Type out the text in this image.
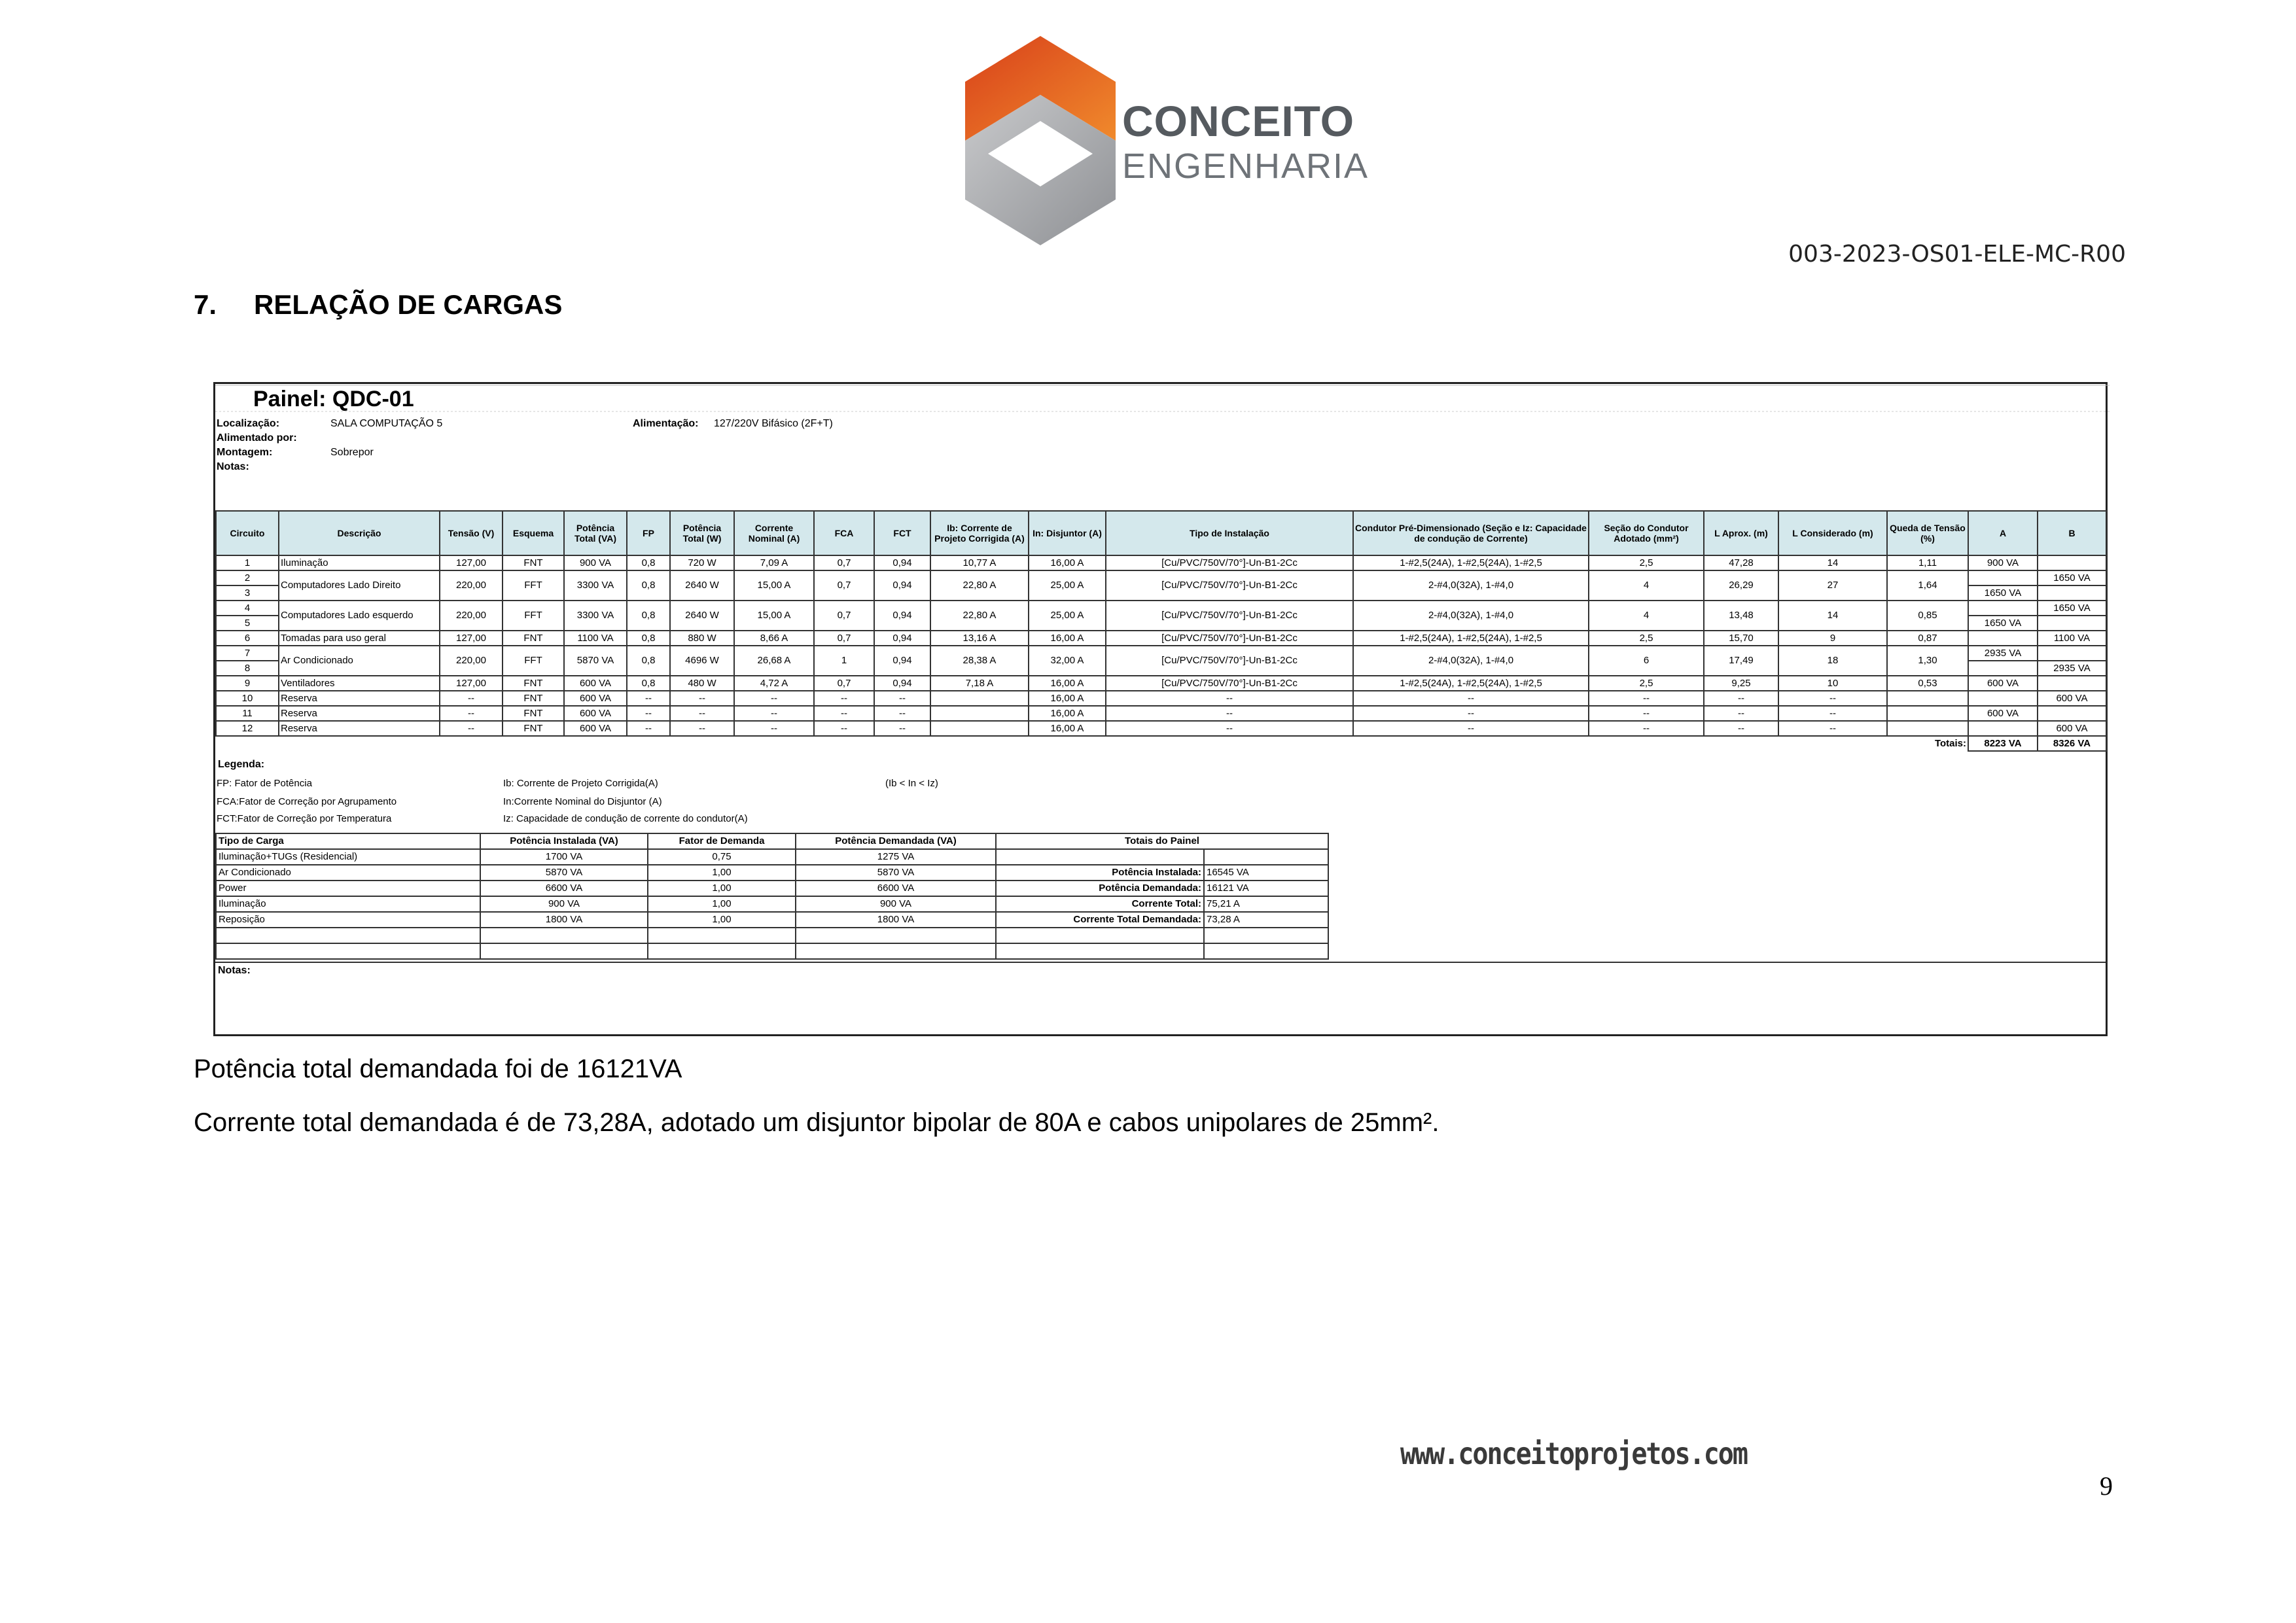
CONCEITO
ENGENHARIA
003-2023-OS01-ELE-MC-R00
7. RELAÇÃO DE CARGAS
Painel: QDC-01
Localização:	SALA COMPUTAÇÃO 5	Alimentação: 127/220V Bifásico (2F+T)
Alimentado por:
Montagem:	Sobrepor
Notas:
Circuito	Descrição	Tensão (V)	Esquema	Potência Total (VA)	FP	Potência Total (W)	Corrente Nominal (A)	FCA	FCT	Ib: Corrente de Projeto Corrigida (A)	In: Disjuntor (A)	Tipo de Instalação	Condutor Pré-Dimensionado (Seção e Iz: Capacidade de condução de Corrente)	Seção do Condutor Adotado (mm²)	L Aprox. (m)	L Considerado (m)	Queda de Tensão (%)	A	B
1	Iluminação	127,00	FNT	900 VA	0,8	720 W	7,09 A	0,7	0,94	10,77 A	16,00 A	[Cu/PVC/750V/70°]-Un-B1-2Cc	1-#2,5(24A), 1-#2,5(24A), 1-#2,5	2,5	47,28	14	1,11	900 VA	
2	Computadores Lado Direito	220,00	FFT	3300 VA	0,8	2640 W	15,00 A	0,7	0,94	22,80 A	25,00 A	[Cu/PVC/750V/70°]-Un-B1-2Cc	2-#4,0(32A), 1-#4,0	4	26,29	27	1,64		1650 VA
3																		1650 VA	
4	Computadores Lado esquerdo	220,00	FFT	3300 VA	0,8	2640 W	15,00 A	0,7	0,94	22,80 A	25,00 A	[Cu/PVC/750V/70°]-Un-B1-2Cc	2-#4,0(32A), 1-#4,0	4	13,48	14	0,85		1650 VA
5																		1650 VA	
6	Tomadas para uso geral	127,00	FNT	1100 VA	0,8	880 W	8,66 A	0,7	0,94	13,16 A	16,00 A	[Cu/PVC/750V/70°]-Un-B1-2Cc	1-#2,5(24A), 1-#2,5(24A), 1-#2,5	2,5	15,70	9	0,87		1100 VA
7	Ar Condicionado	220,00	FFT	5870 VA	0,8	4696 W	26,68 A	1	0,94	28,38 A	32,00 A	[Cu/PVC/750V/70°]-Un-B1-2Cc	2-#4,0(32A), 1-#4,0	6	17,49	18	1,30	2935 VA	
8																			2935 VA
9	Ventiladores	127,00	FNT	600 VA	0,8	480 W	4,72 A	0,7	0,94	7,18 A	16,00 A	[Cu/PVC/750V/70°]-Un-B1-2Cc	1-#2,5(24A), 1-#2,5(24A), 1-#2,5	2,5	9,25	10	0,53	600 VA	
10	Reserva	--	FNT	600 VA	--	--	--	--	--		16,00 A	--	--	--	--	--			600 VA
11	Reserva	--	FNT	600 VA	--	--	--	--	--		16,00 A	--	--	--	--	--		600 VA	
12	Reserva	--	FNT	600 VA	--	--	--	--	--		16,00 A	--	--	--	--	--			600 VA
Totais:																		8223 VA	8326 VA
Legenda:
FP: Fator de Potência
FCA:Fator de Correção por Agrupamento
FCT:Fator de Correção por Temperatura
Ib: Corrente de Projeto Corrigida(A)
In:Corrente Nominal do Disjuntor (A)
Iz: Capacidade de condução de corrente do condutor(A)
(Ib < In < Iz)
Tipo de Carga	Potência Instalada (VA)	Fator de Demanda	Potência Demandada (VA)	Totais do Painel	
Iluminação+TUGs (Residencial)	1700 VA	0,75	1275 VA		
Ar Condicionado	5870 VA	1,00	5870 VA	Potência Instalada:	16545 VA
Power	6600 VA	1,00	6600 VA	Potência Demandada:	16121 VA
Iluminação	900 VA	1,00	900 VA	Corrente Total:	75,21 A
Reposição	1800 VA	1,00	1800 VA	Corrente Total Demandada:	73,28 A

Notas:
Potência total demandada foi de 16121VA
Corrente total demandada é de 73,28A, adotado um disjuntor bipolar de 80A e cabos unipolares de 25mm².
www.conceitoprojetos.com
9
